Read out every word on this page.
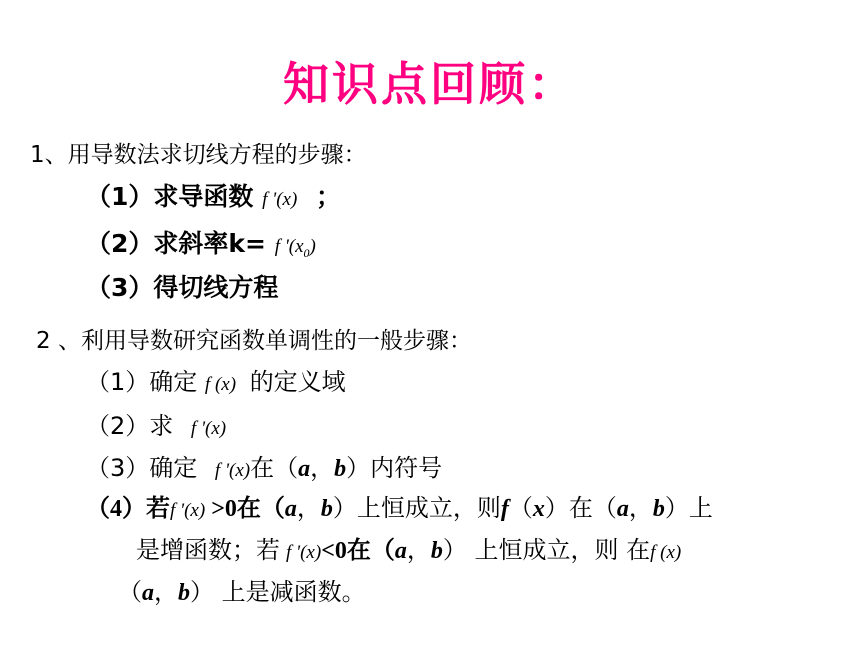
知识点回顾：
1、用导数法求切线方程的步骤：
（1）求导函数 f '(x) ；
（2）求斜率k= f '$(x_0)$
（3）得切线方程
2 、利用导数研究函数单调性的一般步骤：
（1）确定 f (x) 的定义域
（2）求 f '(x)
（3）确定 f '(x)在（a，b）内符号
（4）若f '(x) >0在（a，b）上恒成立，则f（x）在（a，b）上
是增函数；若 f '(x)<0在（a，b） 上恒成立，则 在f (x)
（a，b） 上是减函数。
